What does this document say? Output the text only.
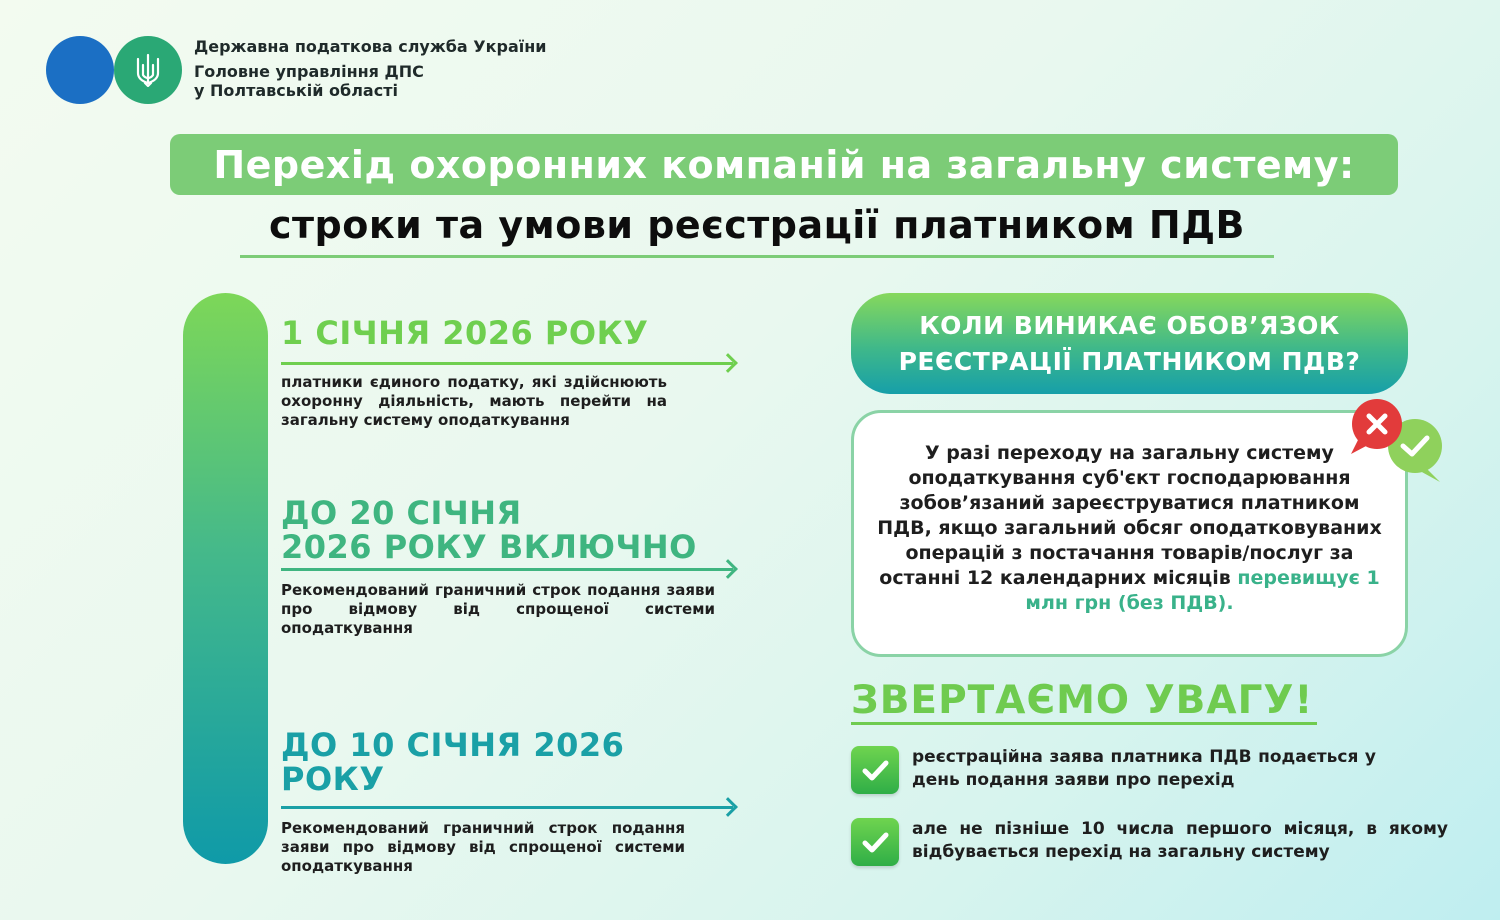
Державна податкова служба України
Головне управління ДПС
у Полтавській області
Перехід охоронних компаній на загальну систему:
строки та умови реєстрації платником ПДВ
1 СІЧНЯ 2026 РОКУ
платники єдиного податку, які здійснюють охоронну діяльність, мають перейти на загальну систему оподаткування
ДО 20 СІЧНЯ
2026 РОКУ ВКЛЮЧНО
Рекомендований граничний строк подання заяви про відмову від спрощеної системи оподаткування
ДО 10 СІЧНЯ 2026 РОКУ
Рекомендований граничний строк подання заяви про відмову від спрощеної системи оподаткування
КОЛИ ВИНИКАЄ ОБОВ’ЯЗОК
РЕЄСТРАЦІЇ ПЛАТНИКОМ ПДВ?
У разі переходу на загальну систему оподаткування суб'єкт господарювання зобов’язаний зареєструватися платником ПДВ, якщо загальний обсяг оподатковуваних операцій з постачання товарів/послуг за останні 12 календарних місяців перевищує 1 млн грн (без ПДВ).
ЗВЕРТАЄМО УВАГУ!
реєстраційна заява платника ПДВ подається у день подання заяви про перехід
але не пізніше 10 числа першого місяця, в якому відбувається перехід на загальну систему
